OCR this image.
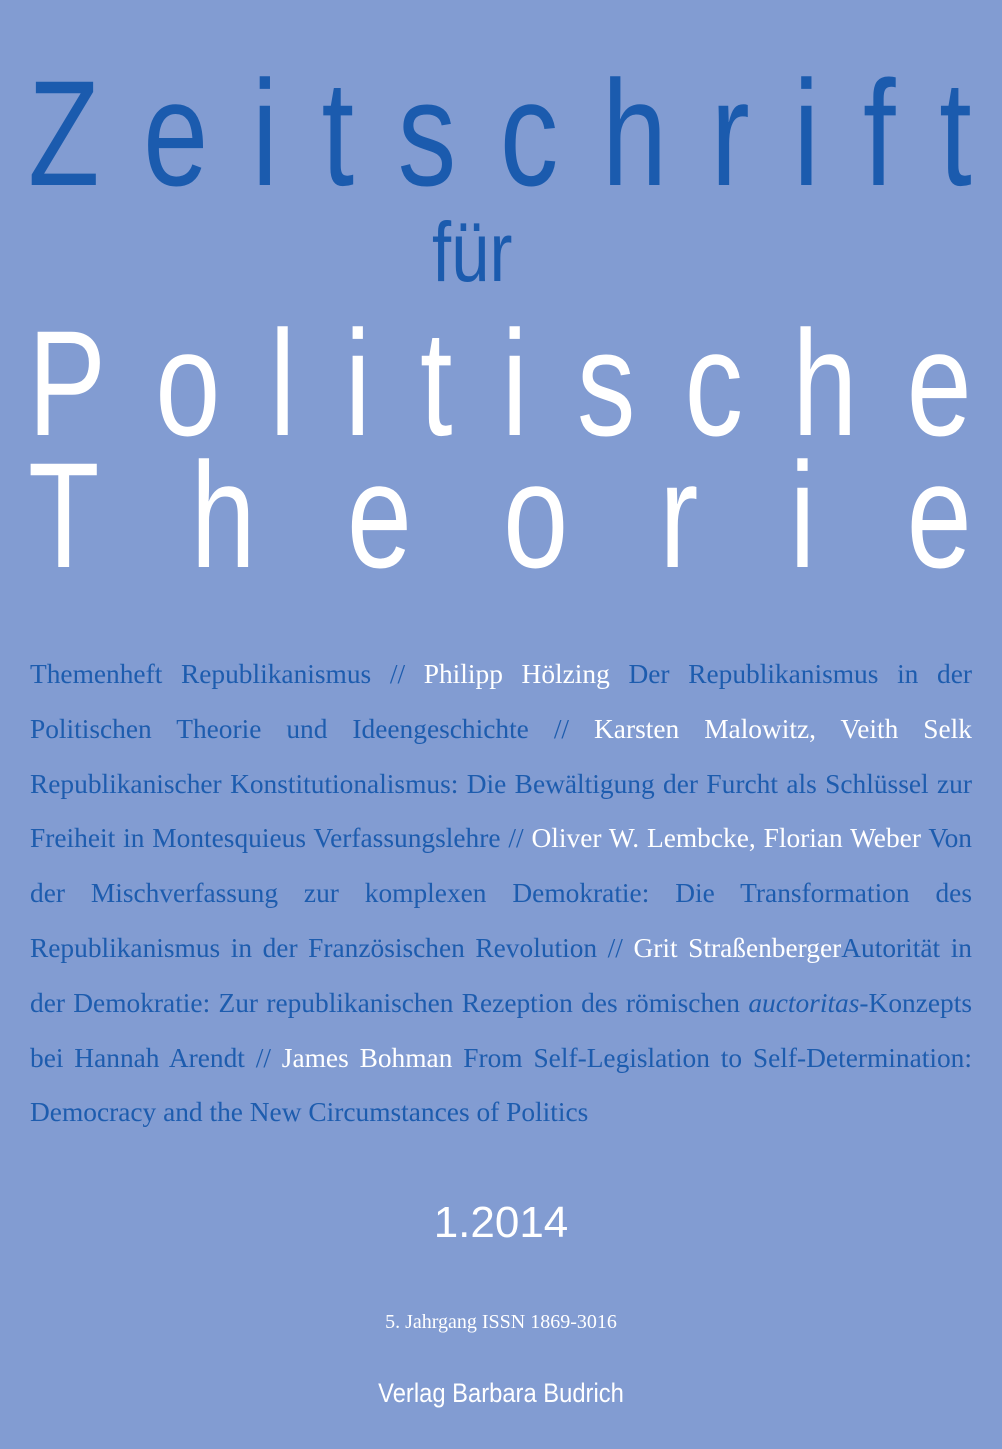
Z e i t s c h r i f t
für
P o l i t i s c h e
T h e o r i e
Themenheft Republikanismus // Philipp Hölzing Der Republikanismus in der Politischen Theorie und Ideengeschichte // Karsten Malowitz, Veith Selk Republikanischer Konstitutionalismus: Die Bewältigung der Furcht als Schlüssel zur Freiheit in Montesquieus Verfassungslehre // Oliver W. Lembcke, Florian Weber Von der Mischverfassung zur komplexen Demokratie: Die Transformation des Republikanismus in der Französischen Revolution // Grit StraßenbergerAutorität in der Demokratie: Zur republikanischen Rezeption des römischen auctoritas-Konzepts bei Hannah Arendt // James Bohman From Self-Legislation to Self-Determination: Democracy and the New Circumstances of Politics
1.2014
5. Jahrgang ISSN 1869-3016
Verlag Barbara Budrich
